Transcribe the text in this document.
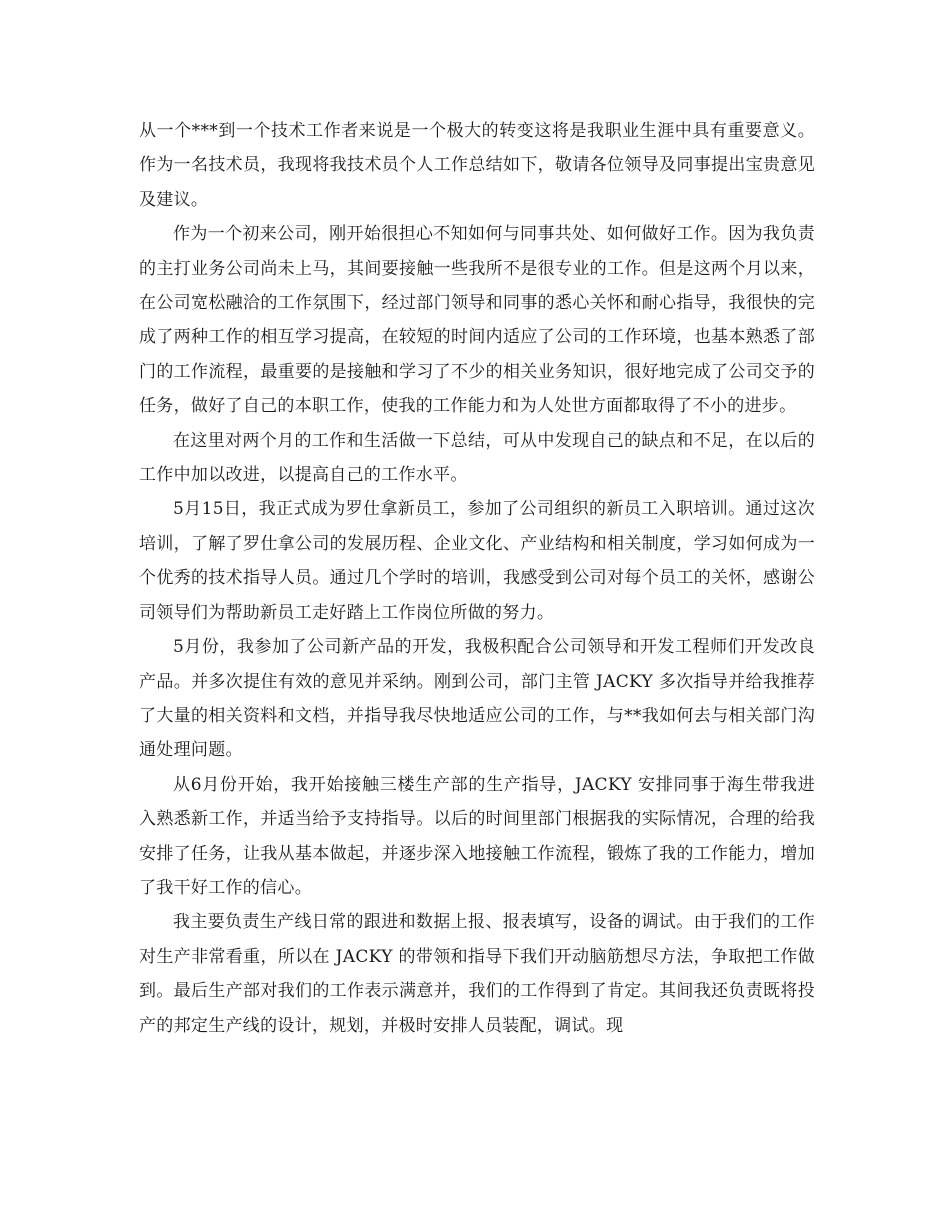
从一个***到一个技术工作者来说是一个极大的转变这将是我职业生涯中具有重要意义。作为一名技术员，我现将我技术员个人工作总结如下，敬请各位领导及同事提出宝贵意见及建议。

作为一个初来公司，刚开始很担心不知如何与同事共处、如何做好工作。因为我负责的主打业务公司尚未上马，其间要接触一些我所不是很专业的工作。但是这两个月以来，在公司宽松融洽的工作氛围下，经过部门领导和同事的悉心关怀和耐心指导，我很快的完成了两种工作的相互学习提高，在较短的时间内适应了公司的工作环境，也基本熟悉了部门的工作流程，最重要的是接触和学习了不少的相关业务知识，很好地完成了公司交予的任务，做好了自己的本职工作，使我的工作能力和为人处世方面都取得了不小的进步。

在这里对两个月的工作和生活做一下总结，可从中发现自己的缺点和不足，在以后的工作中加以改进，以提高自己的工作水平。

5月15日，我正式成为罗仕拿新员工，参加了公司组织的新员工入职培训。通过这次培训，了解了罗仕拿公司的发展历程、企业文化、产业结构和相关制度，学习如何成为一个优秀的技术指导人员。通过几个学时的培训，我感受到公司对每个员工的关怀，感谢公司领导们为帮助新员工走好踏上工作岗位所做的努力。

5月份，我参加了公司新产品的开发，我极积配合公司领导和开发工程师们开发改良产品。并多次提住有效的意见并采纳。刚到公司，部门主管 JACKY 多次指导并给我推荐了大量的相关资料和文档，并指导我尽快地适应公司的工作，与**我如何去与相关部门沟通处理问题。

从6月份开始，我开始接触三楼生产部的生产指导，JACKY 安排同事于海生带我进入熟悉新工作，并适当给予支持指导。以后的时间里部门根据我的实际情况，合理的给我安排了任务，让我从基本做起，并逐步深入地接触工作流程，锻炼了我的工作能力，增加了我干好工作的信心。

我主要负责生产线日常的跟进和数据上报、报表填写，设备的调试。由于我们的工作对生产非常看重，所以在 JACKY 的带领和指导下我们开动脑筋想尽方法，争取把工作做到。最后生产部对我们的工作表示满意并，我们的工作得到了肯定。其间我还负责既将投产的邦定生产线的设计，规划，并极时安排人员装配，调试。现
